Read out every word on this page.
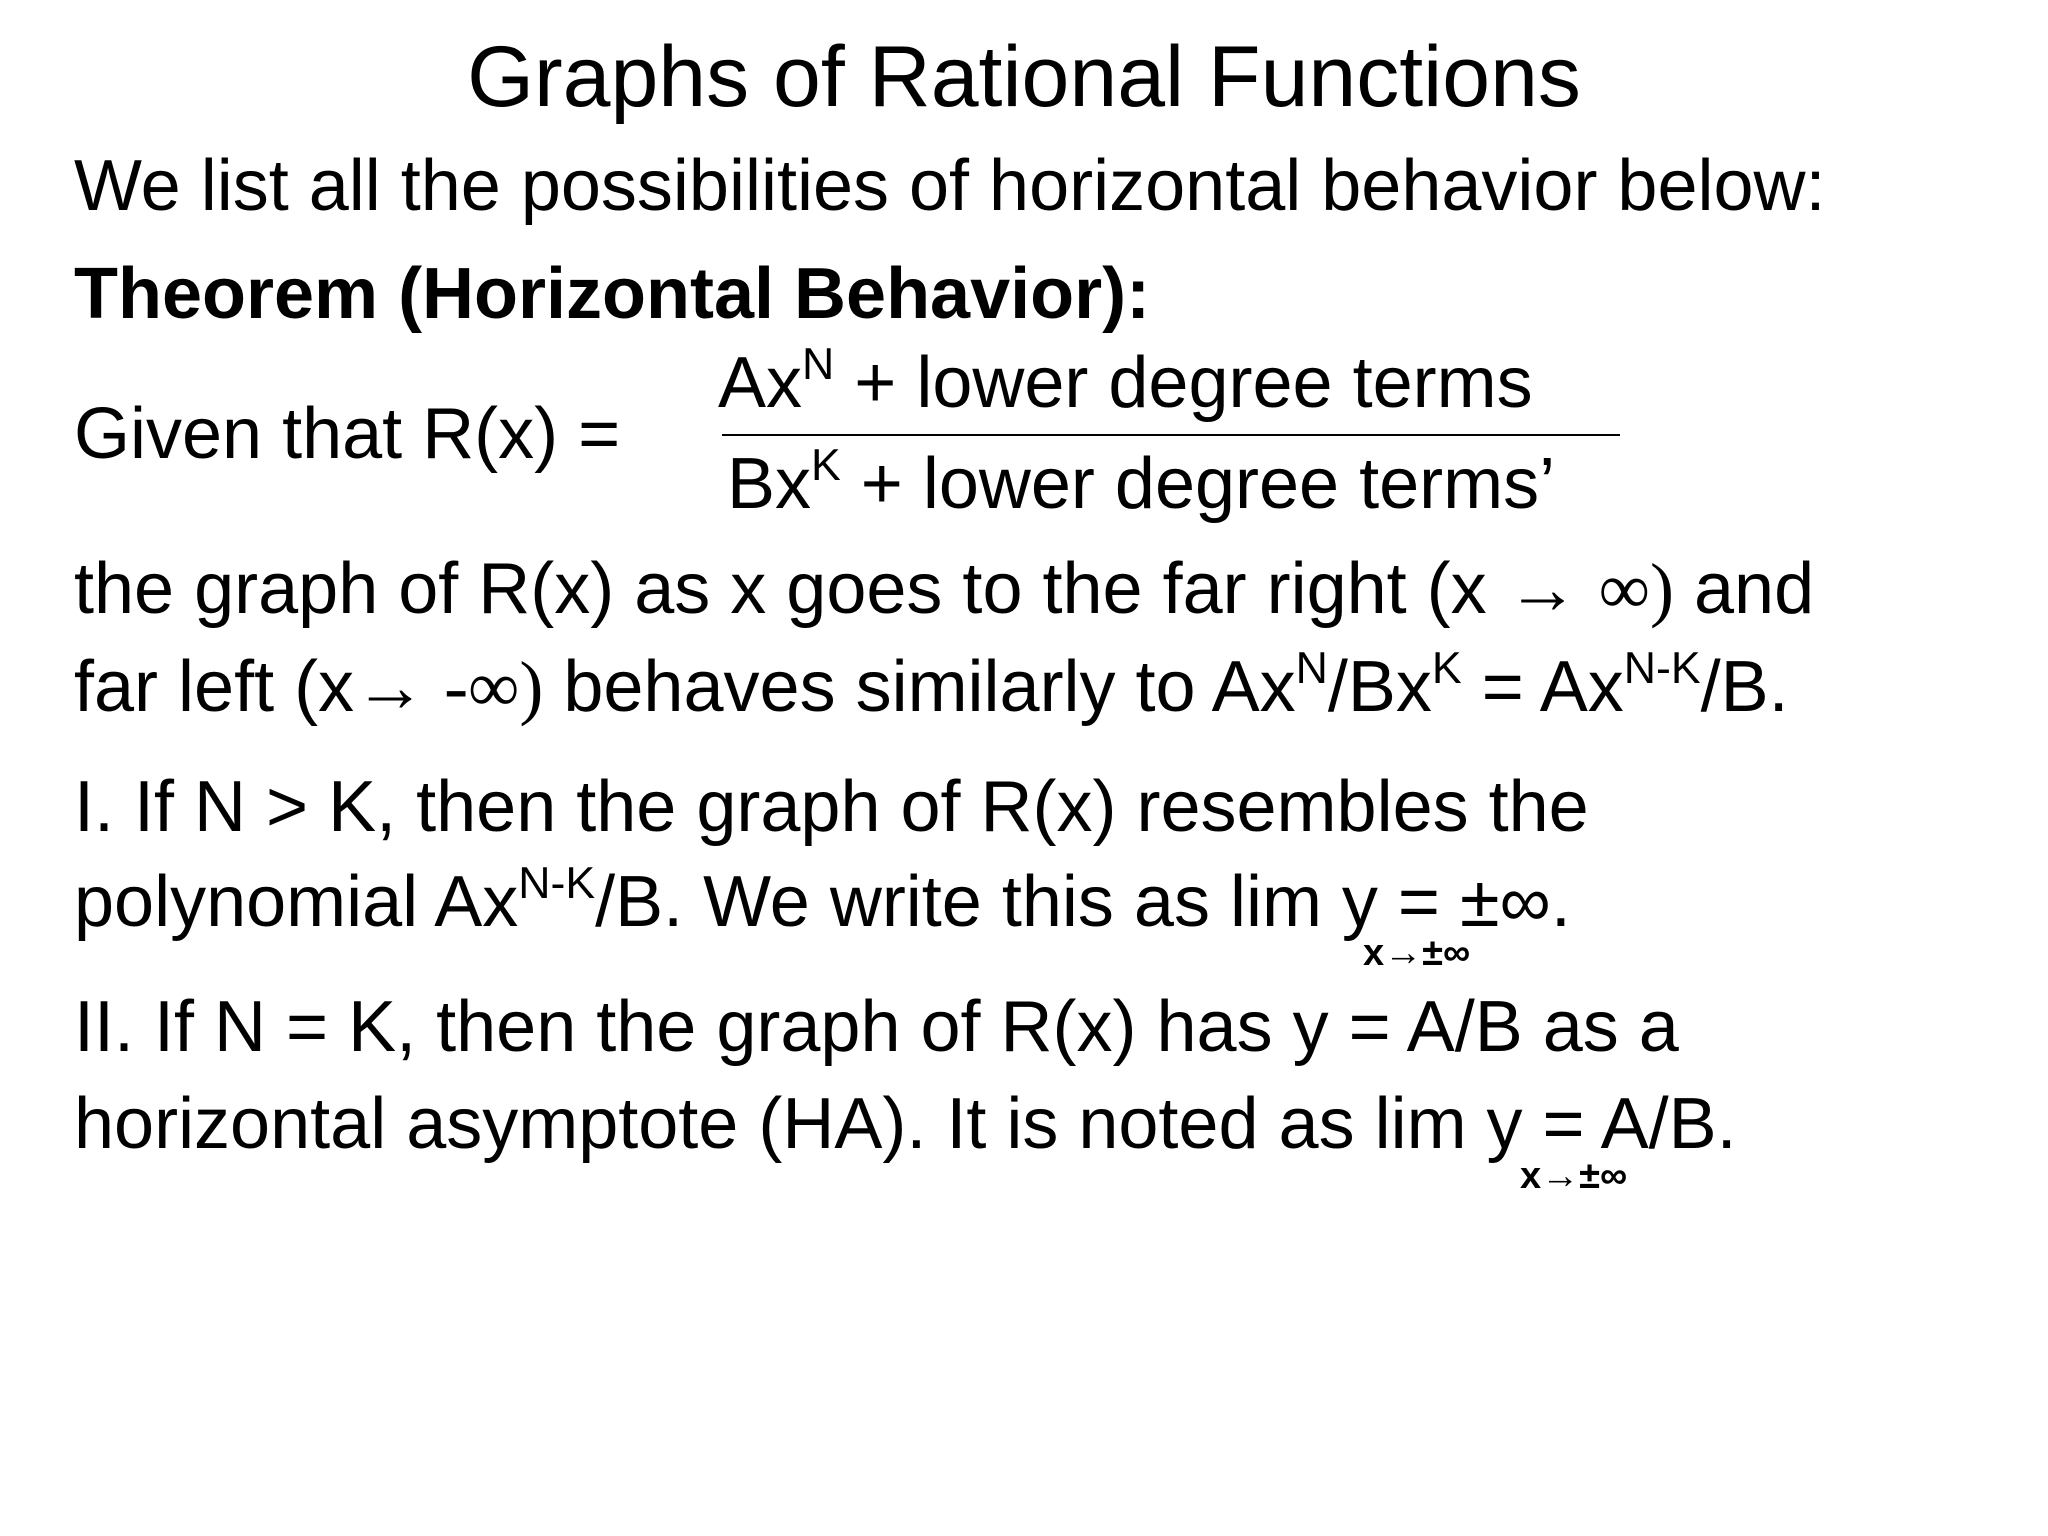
Graphs of Rational Functions
We list all the possibilities of horizontal behavior below:
Theorem (Horizontal Behavior):
Given that R(x) =
$Ax^N$ + lower degree terms
$Bx^K$ + lower degree terms’
the graph of R(x) as x goes to the far right (x → ∞) and
far left (x→ -∞) behaves similarly to $Ax^N/Bx^K = Ax^{N-K}/B$.
I. If N > K, then the graph of R(x) resembles the
polynomial $Ax^{N-K}/B$. We write this as lim y = ±∞.
x→±∞
II. If N = K, then the graph of R(x) has y = A/B as a
horizontal asymptote (HA). It is noted as lim y = A/B.
x→±∞
